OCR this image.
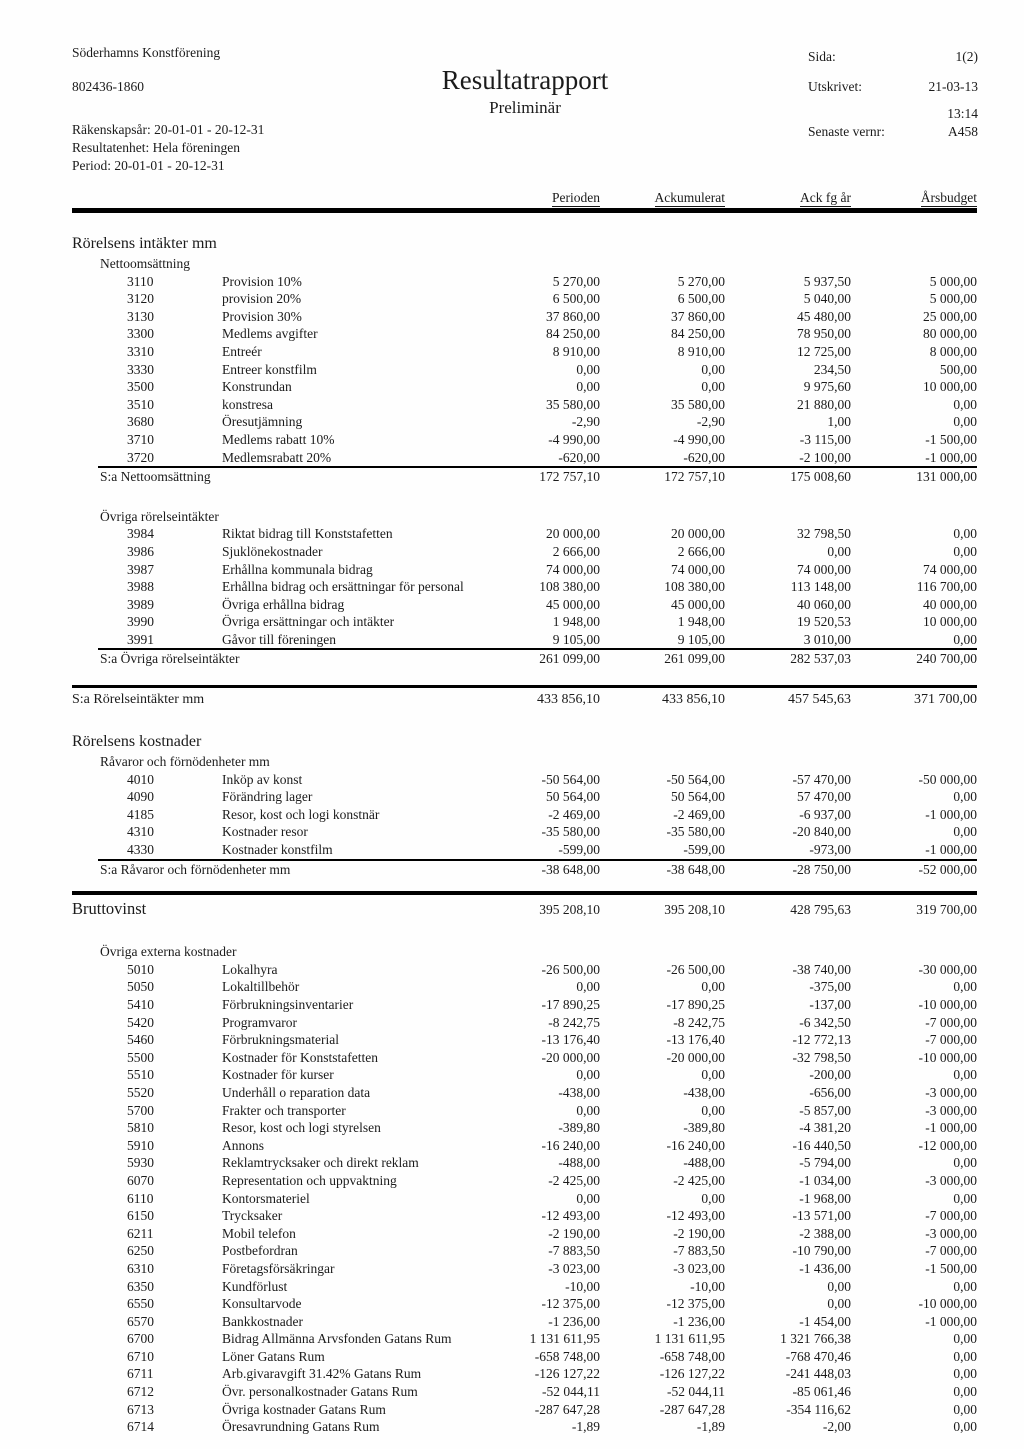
Söderhamns Konstförening
802436-1860
Räkenskapsår: 20-01-01 - 20-12-31
Resultatenhet: Hela föreningen
Period: 20-01-01 - 20-12-31
Resultatrapport
Preliminär
Sida:	1(2)
Utskrivet:	21-03-13
13:14
Senaste vernr:	A458
Perioden	Ackumulerat	Ack fg år	Årsbudget
Rörelsens intäkter mm
Nettoomsättning
3110	Provision 10%	5 270,00	5 270,00	5 937,50	5 000,00
3120	provision 20%	6 500,00	6 500,00	5 040,00	5 000,00
3130	Provision 30%	37 860,00	37 860,00	45 480,00	25 000,00
3300	Medlems avgifter	84 250,00	84 250,00	78 950,00	80 000,00
3310	Entreér	8 910,00	8 910,00	12 725,00	8 000,00
3330	Entreer konstfilm	0,00	0,00	234,50	500,00
3500	Konstrundan	0,00	0,00	9 975,60	10 000,00
3510	konstresa	35 580,00	35 580,00	21 880,00	0,00
3680	Öresutjämning	-2,90	-2,90	1,00	0,00
3710	Medlems rabatt 10%	-4 990,00	-4 990,00	-3 115,00	-1 500,00
3720	Medlemsrabatt 20%	-620,00	-620,00	-2 100,00	-1 000,00
S:a Nettoomsättning	172 757,10	172 757,10	175 008,60	131 000,00
Övriga rörelseintäkter
3984	Riktat bidrag till Konststafetten	20 000,00	20 000,00	32 798,50	0,00
3986	Sjuklönekostnader	2 666,00	2 666,00	0,00	0,00
3987	Erhållna kommunala bidrag	74 000,00	74 000,00	74 000,00	74 000,00
3988	Erhållna bidrag och ersättningar för personal	108 380,00	108 380,00	113 148,00	116 700,00
3989	Övriga erhållna bidrag	45 000,00	45 000,00	40 060,00	40 000,00
3990	Övriga ersättningar och intäkter	1 948,00	1 948,00	19 520,53	10 000,00
3991	Gåvor till föreningen	9 105,00	9 105,00	3 010,00	0,00
S:a Övriga rörelseintäkter	261 099,00	261 099,00	282 537,03	240 700,00
S:a Rörelseintäkter mm	433 856,10	433 856,10	457 545,63	371 700,00
Rörelsens kostnader
Råvaror och förnödenheter mm
4010	Inköp av konst	-50 564,00	-50 564,00	-57 470,00	-50 000,00
4090	Förändring lager	50 564,00	50 564,00	57 470,00	0,00
4185	Resor, kost och logi konstnär	-2 469,00	-2 469,00	-6 937,00	-1 000,00
4310	Kostnader resor	-35 580,00	-35 580,00	-20 840,00	0,00
4330	Kostnader konstfilm	-599,00	-599,00	-973,00	-1 000,00
S:a Råvaror och förnödenheter mm	-38 648,00	-38 648,00	-28 750,00	-52 000,00
Bruttovinst	395 208,10	395 208,10	428 795,63	319 700,00
Övriga externa kostnader
5010	Lokalhyra	-26 500,00	-26 500,00	-38 740,00	-30 000,00
5050	Lokaltillbehör	0,00	0,00	-375,00	0,00
5410	Förbrukningsinventarier	-17 890,25	-17 890,25	-137,00	-10 000,00
5420	Programvaror	-8 242,75	-8 242,75	-6 342,50	-7 000,00
5460	Förbrukningsmaterial	-13 176,40	-13 176,40	-12 772,13	-7 000,00
5500	Kostnader för Konststafetten	-20 000,00	-20 000,00	-32 798,50	-10 000,00
5510	Kostnader för kurser	0,00	0,00	-200,00	0,00
5520	Underhåll o reparation data	-438,00	-438,00	-656,00	-3 000,00
5700	Frakter och transporter	0,00	0,00	-5 857,00	-3 000,00
5810	Resor, kost och logi styrelsen	-389,80	-389,80	-4 381,20	-1 000,00
5910	Annons	-16 240,00	-16 240,00	-16 440,50	-12 000,00
5930	Reklamtrycksaker och direkt reklam	-488,00	-488,00	-5 794,00	0,00
6070	Representation och uppvaktning	-2 425,00	-2 425,00	-1 034,00	-3 000,00
6110	Kontorsmateriel	0,00	0,00	-1 968,00	0,00
6150	Trycksaker	-12 493,00	-12 493,00	-13 571,00	-7 000,00
6211	Mobil telefon	-2 190,00	-2 190,00	-2 388,00	-3 000,00
6250	Postbefordran	-7 883,50	-7 883,50	-10 790,00	-7 000,00
6310	Företagsförsäkringar	-3 023,00	-3 023,00	-1 436,00	-1 500,00
6350	Kundförlust	-10,00	-10,00	0,00	0,00
6550	Konsultarvode	-12 375,00	-12 375,00	0,00	-10 000,00
6570	Bankkostnader	-1 236,00	-1 236,00	-1 454,00	-1 000,00
6700	Bidrag Allmänna Arvsfonden Gatans Rum	1 131 611,95	1 131 611,95	1 321 766,38	0,00
6710	Löner Gatans Rum	-658 748,00	-658 748,00	-768 470,46	0,00
6711	Arb.givaravgift 31.42% Gatans Rum	-126 127,22	-126 127,22	-241 448,03	0,00
6712	Övr. personalkostnader Gatans Rum	-52 044,11	-52 044,11	-85 061,46	0,00
6713	Övriga kostnader Gatans Rum	-287 647,28	-287 647,28	-354 116,62	0,00
6714	Öresavrundning Gatans Rum	-1,89	-1,89	-2,00	0,00
